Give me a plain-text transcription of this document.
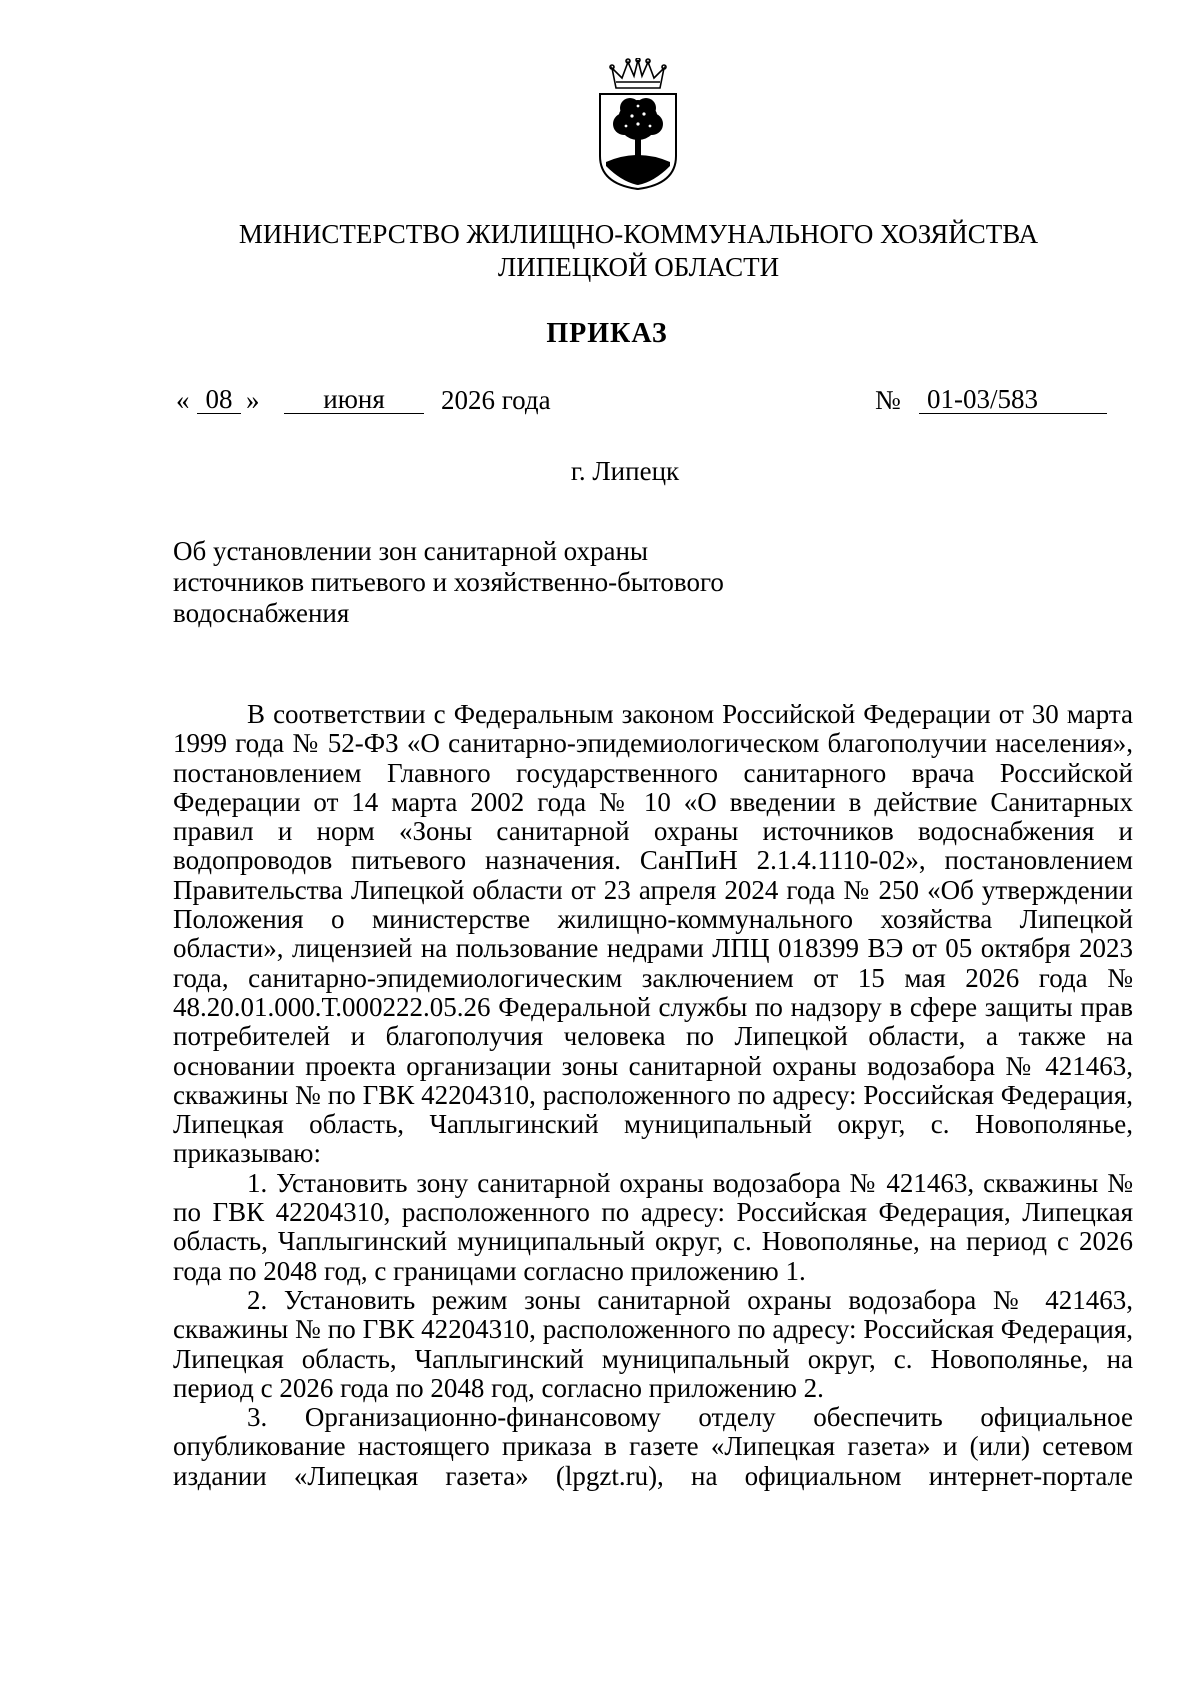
МИНИСТЕРСТВО ЖИЛИЩНО-КОММУНАЛЬНОГО ХОЗЯЙСТВА
ЛИПЕЦКОЙ ОБЛАСТИ
ПРИКАЗ
« 08 »	июня	2026 года	№ 01-03/583
г. Липецк
Об установлении зон санитарной охраны
источников питьевого и хозяйственно-бытового
водоснабжения

В соответствии с Федеральным законом Российской Федерации от 30 марта 1999 года № 52-ФЗ «О санитарно-эпидемиологическом благополучии населения», постановлением Главного государственного санитарного врача Российской Федерации от 14 марта 2002 года № 10 «О введении в действие Санитарных правил и норм «Зоны санитарной охраны источников водоснабжения и водопроводов питьевого назначения. СанПиН 2.1.4.1110-02», постановлением Правительства Липецкой области от 23 апреля 2024 года № 250 «Об утверждении Положения о министерстве жилищно-коммунального хозяйства Липецкой области», лицензией на пользование недрами ЛПЦ 018399 ВЭ от 05 октября 2023 года, санитарно-эпидемиологическим заключением от 15 мая 2026 года № 48.20.01.000.Т.000222.05.26 Федеральной службы по надзору в сфере защиты прав потребителей и благополучия человека по Липецкой области, а также на основании проекта организации зоны санитарной охраны водозабора № 421463, скважины № по ГВК 42204310, расположенного по адресу: Российская Федерация, Липецкая область, Чаплыгинский муниципальный округ, с. Новополянье, приказываю:

1. Установить зону санитарной охраны водозабора № 421463, скважины № по ГВК 42204310, расположенного по адресу: Российская Федерация, Липецкая область, Чаплыгинский муниципальный округ, с. Новополянье, на период с 2026 года по 2048 год, с границами согласно приложению 1.

2. Установить режим зоны санитарной охраны водозабора № 421463, скважины № по ГВК 42204310, расположенного по адресу: Российская Федерация, Липецкая область, Чаплыгинский муниципальный округ, с. Новополянье, на период с 2026 года по 2048 год, согласно приложению 2.

3. Организационно-финансовому отделу обеспечить официальное опубликование настоящего приказа в газете «Липецкая газета» и (или) сетевом издании «Липецкая газета» (lpgzt.ru), на официальном интернет-портале
